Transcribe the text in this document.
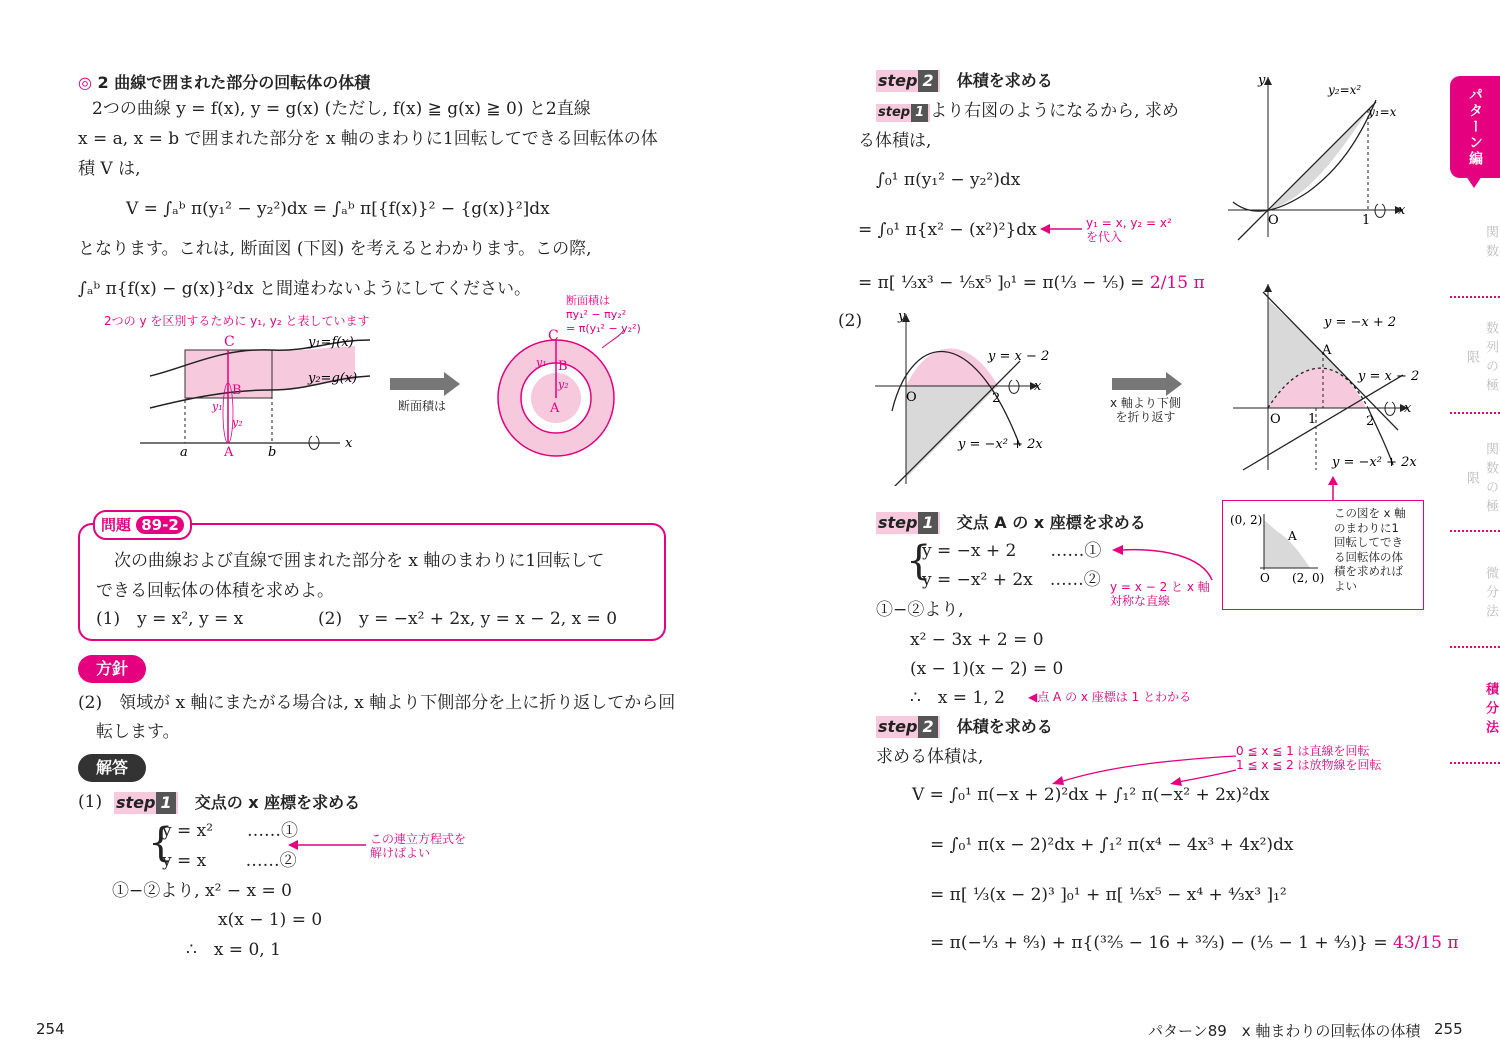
◎ 2 曲線で囲まれた部分の回転体の体積
2つの曲線 y = f(x), y = g(x) (ただし, f(x) ≧ g(x) ≧ 0) と2直線
x = a, x = b で囲まれた部分を x 軸のまわりに1回転してできる回転体の体
積 V は,
V = ∫ₐᵇ π(y₁² − y₂²)dx = ∫ₐᵇ π[{f(x)}² − {g(x)}²]dx
となります。これは, 断面図 (下図) を考えるとわかります。この際,
∫ₐᵇ π{f(x) − g(x)}²dx と間違わないようにしてください。
2つの y を区別するために y₁, y₂ と表しています
C
B
A
y₁
y₂
a	b
x
y₁=f(x)
y₂=g(x)
断面積は
C
B
A
y₁
y₂
断面積は
πy₁² − πy₂²
= π(y₁² − y₂²)
問題 89-2
次の曲線および直線で囲まれた部分を x 軸のまわりに1回転して
できる回転体の体積を求めよ。
(1)　y = x², y = x	(2)　y = −x² + 2x, y = x − 2, x = 0
方針
(2)　領域が x 軸にまたがる場合は, x 軸より下側部分を上に折り返してから回
転します。
解答
(1) step 1 交点の x 座標を求める
{
y = x²　　……①
y = x　　 ……②
この連立方程式を
解けばよい
①−②より, x² − x = 0
x(x − 1) = 0
∴　x = 0, 1
254
step 2 体積を求める
step 1 より右図のようになるから, 求め
る体積は,
∫₀¹ π(y₁² − y₂²)dx
= ∫₀¹ π{x² − (x²)²}dx	y₁ = x, y₂ = x²
を代入
= π[ ⅓x³ − ⅕x⁵ ]₀¹ = π(⅓ − ⅕) = 2/15 π
y
y₂=x²
y₁=x
O	1
x
(2)	y
y = x − 2
y = −x² + 2x
O	2
x
x 軸より下側
を折り返す
y = −x + 2
A
y = x − 2
y = −x² + 2x
O 1	2
x
(0, 2)
A
O (2, 0)
この図を x 軸
のまわりに1
回転してでき
る回転体の体
積を求めれば
よい
step 1 交点 A の x 座標を求める
{
y = −x + 2　　……①
y = −x² + 2x　……② y = x − 2 と x 軸
対称な直線
①−②より,
x² − 3x + 2 = 0
(x − 1)(x − 2) = 0
∴　x = 1, 2 ◀点 A の x 座標は 1 とわかる
step 2 体積を求める
求める体積は,	0 ≦ x ≦ 1 は直線を回転
1 ≦ x ≦ 2 は放物線を回転
V = ∫₀¹ π(−x + 2)²dx + ∫₁² π(−x² + 2x)²dx
= ∫₀¹ π(x − 2)²dx + ∫₁² π(x⁴ − 4x³ + 4x²)dx
= π[ ⅓(x − 2)³ ]₀¹ + π[ ⅕x⁵ − x⁴ + ⁴⁄₃x³ ]₁²
= π(−⅓ + ⁸⁄₃) + π{(³²⁄₅ − 16 + ³²⁄₃) − (⅕ − 1 + ⁴⁄₃)} = 43/15 π
パターン89　x 軸まわりの回転体の体積 255
パターン編
関数
数列の極限
関数の極限
微分法
積分法
